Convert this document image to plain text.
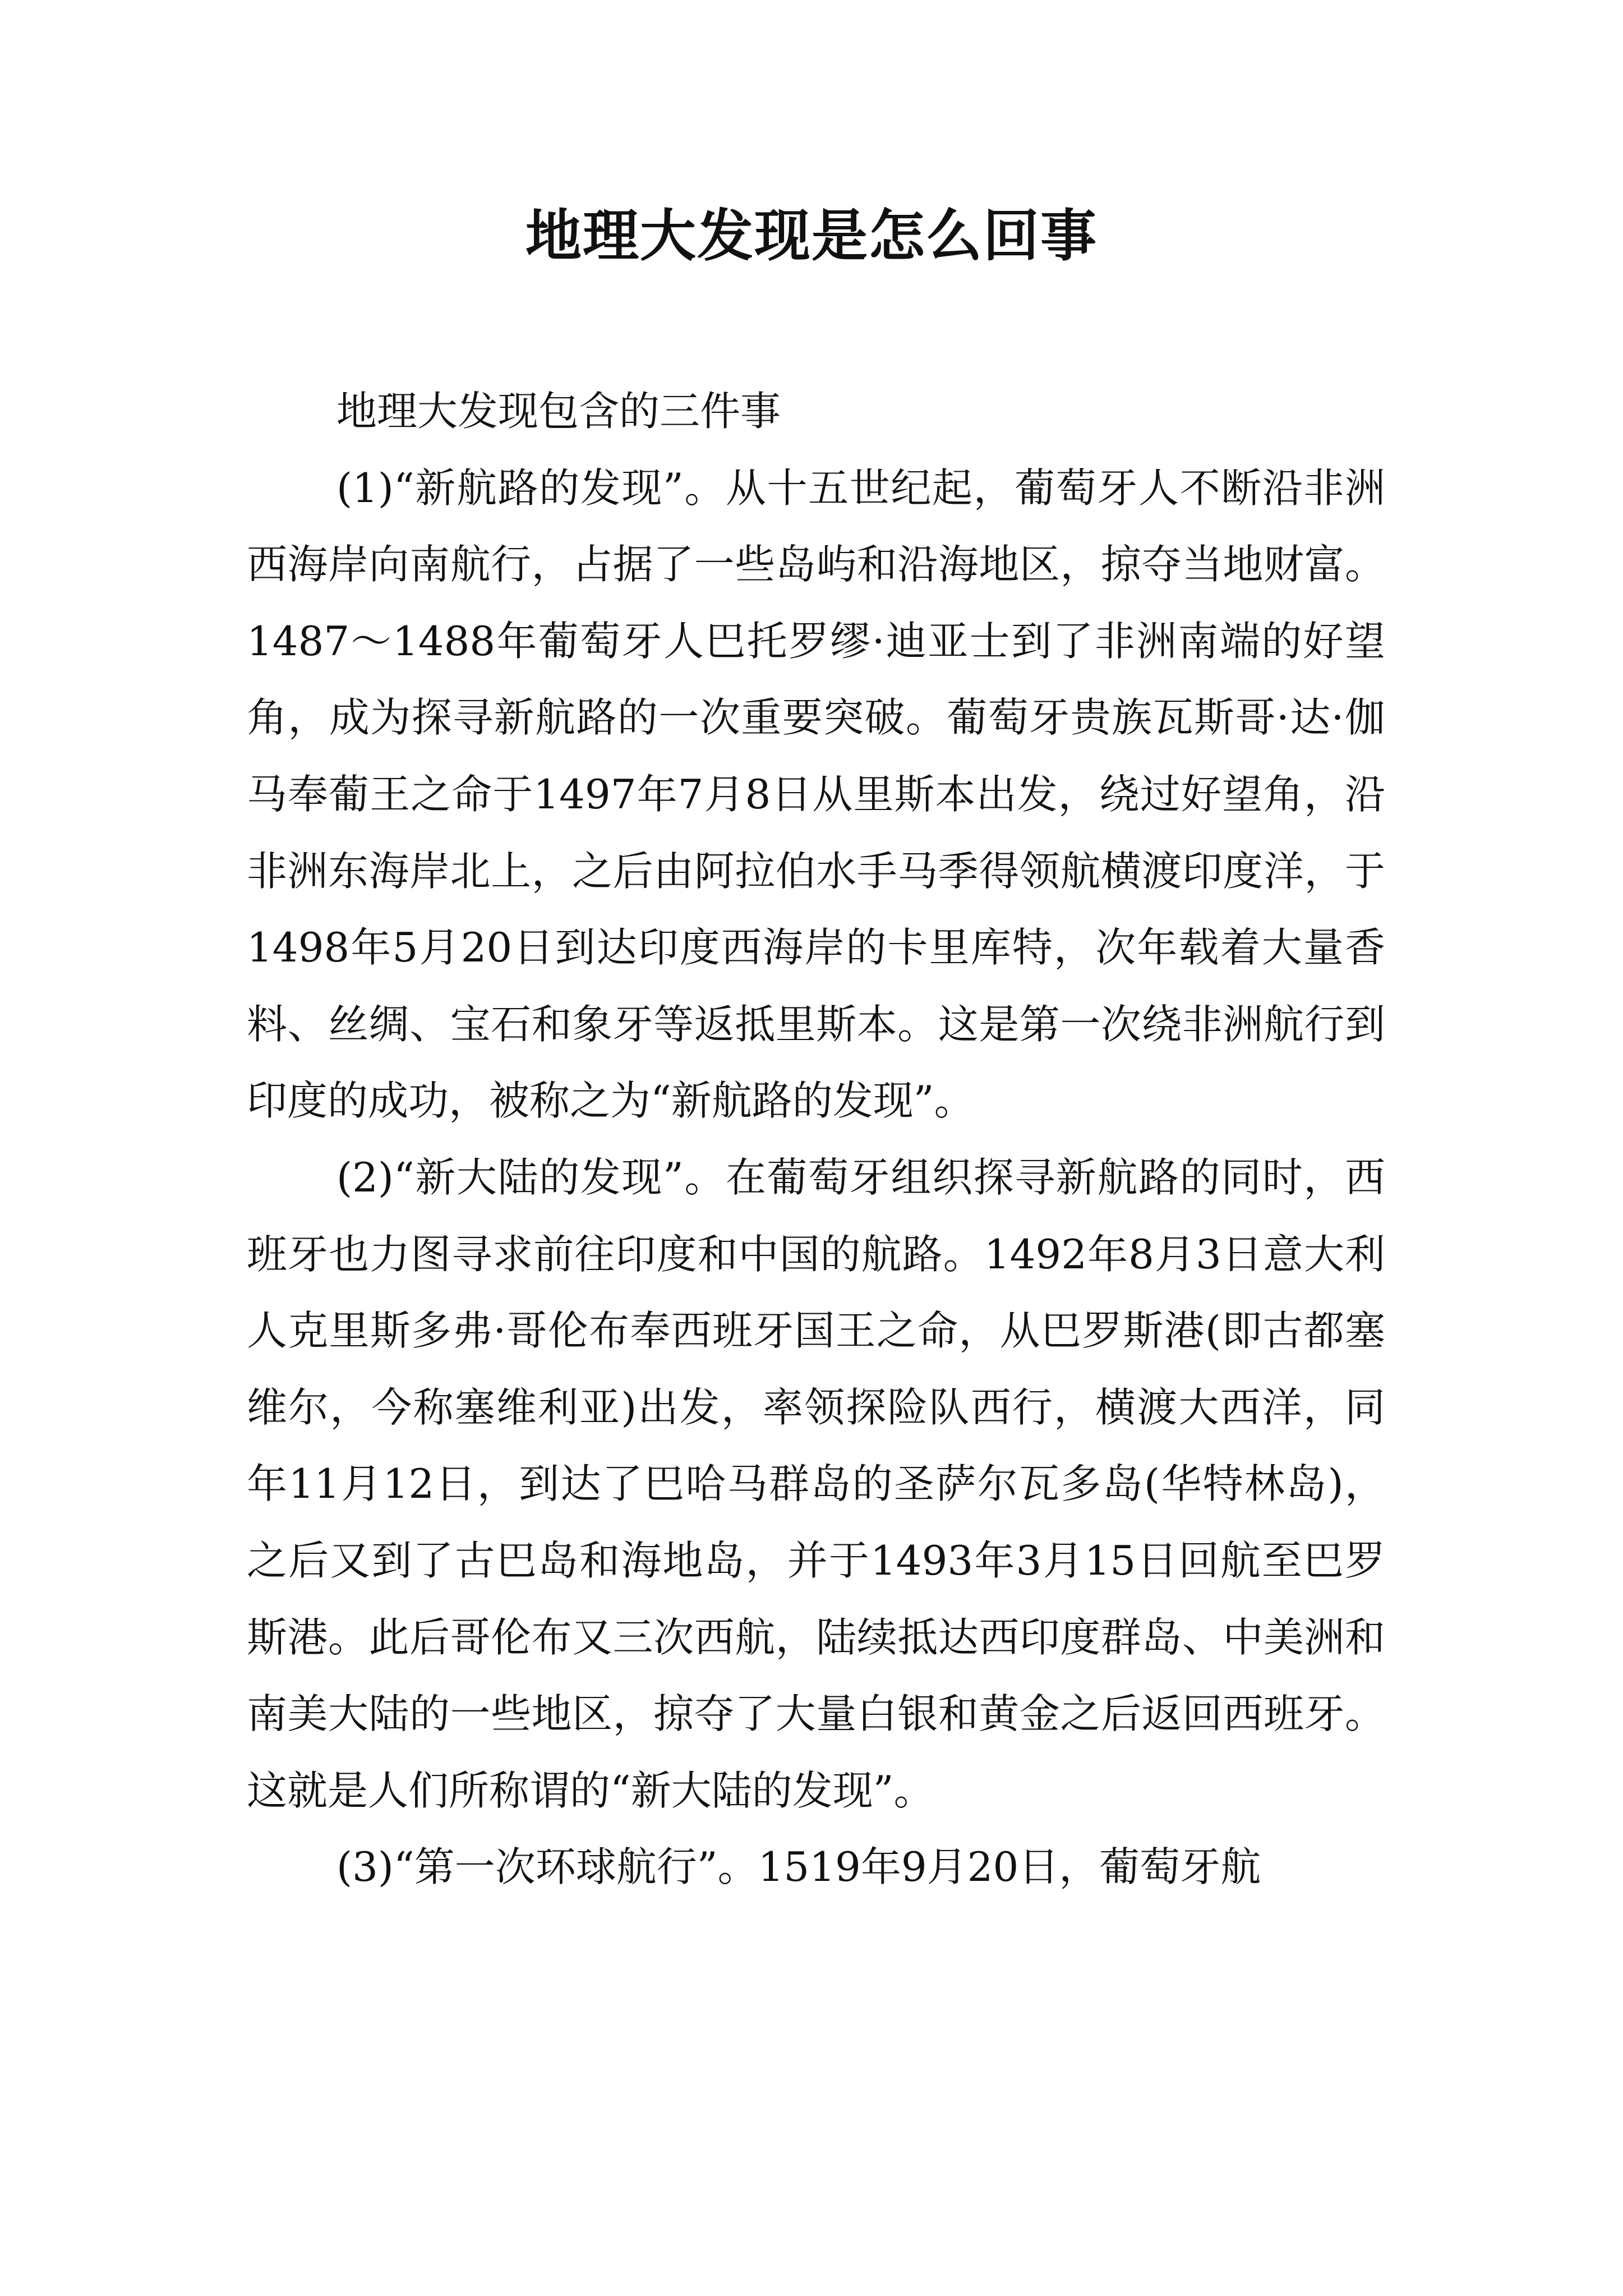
地理大发现是怎么回事

地理大发现包含的三件事

(1)“新航路的发现”。从十五世纪起，葡萄牙人不断沿非洲西海岸向南航行，占据了一些岛屿和沿海地区，掠夺当地财富。1487～1488年葡萄牙人巴托罗缪·迪亚士到了非洲南端的好望角，成为探寻新航路的一次重要突破。葡萄牙贵族瓦斯哥·达·伽马奉葡王之命于1497年7月8日从里斯本出发，绕过好望角，沿非洲东海岸北上，之后由阿拉伯水手马季得领航横渡印度洋，于1498年5月20日到达印度西海岸的卡里库特，次年载着大量香料、丝绸、宝石和象牙等返抵里斯本。这是第一次绕非洲航行到印度的成功，被称之为“新航路的发现”。

(2)“新大陆的发现”。在葡萄牙组织探寻新航路的同时，西班牙也力图寻求前往印度和中国的航路。1492年8月3日意大利人克里斯多弗·哥伦布奉西班牙国王之命，从巴罗斯港(即古都塞维尔，今称塞维利亚)出发，率领探险队西行，横渡大西洋，同年11月12日，到达了巴哈马群岛的圣萨尔瓦多岛(华特林岛)，之后又到了古巴岛和海地岛，并于1493年3月15日回航至巴罗斯港。此后哥伦布又三次西航，陆续抵达西印度群岛、中美洲和南美大陆的一些地区，掠夺了大量白银和黄金之后返回西班牙。这就是人们所称谓的“新大陆的发现”。

(3)“第一次环球航行”。1519年9月20日，葡萄牙航
